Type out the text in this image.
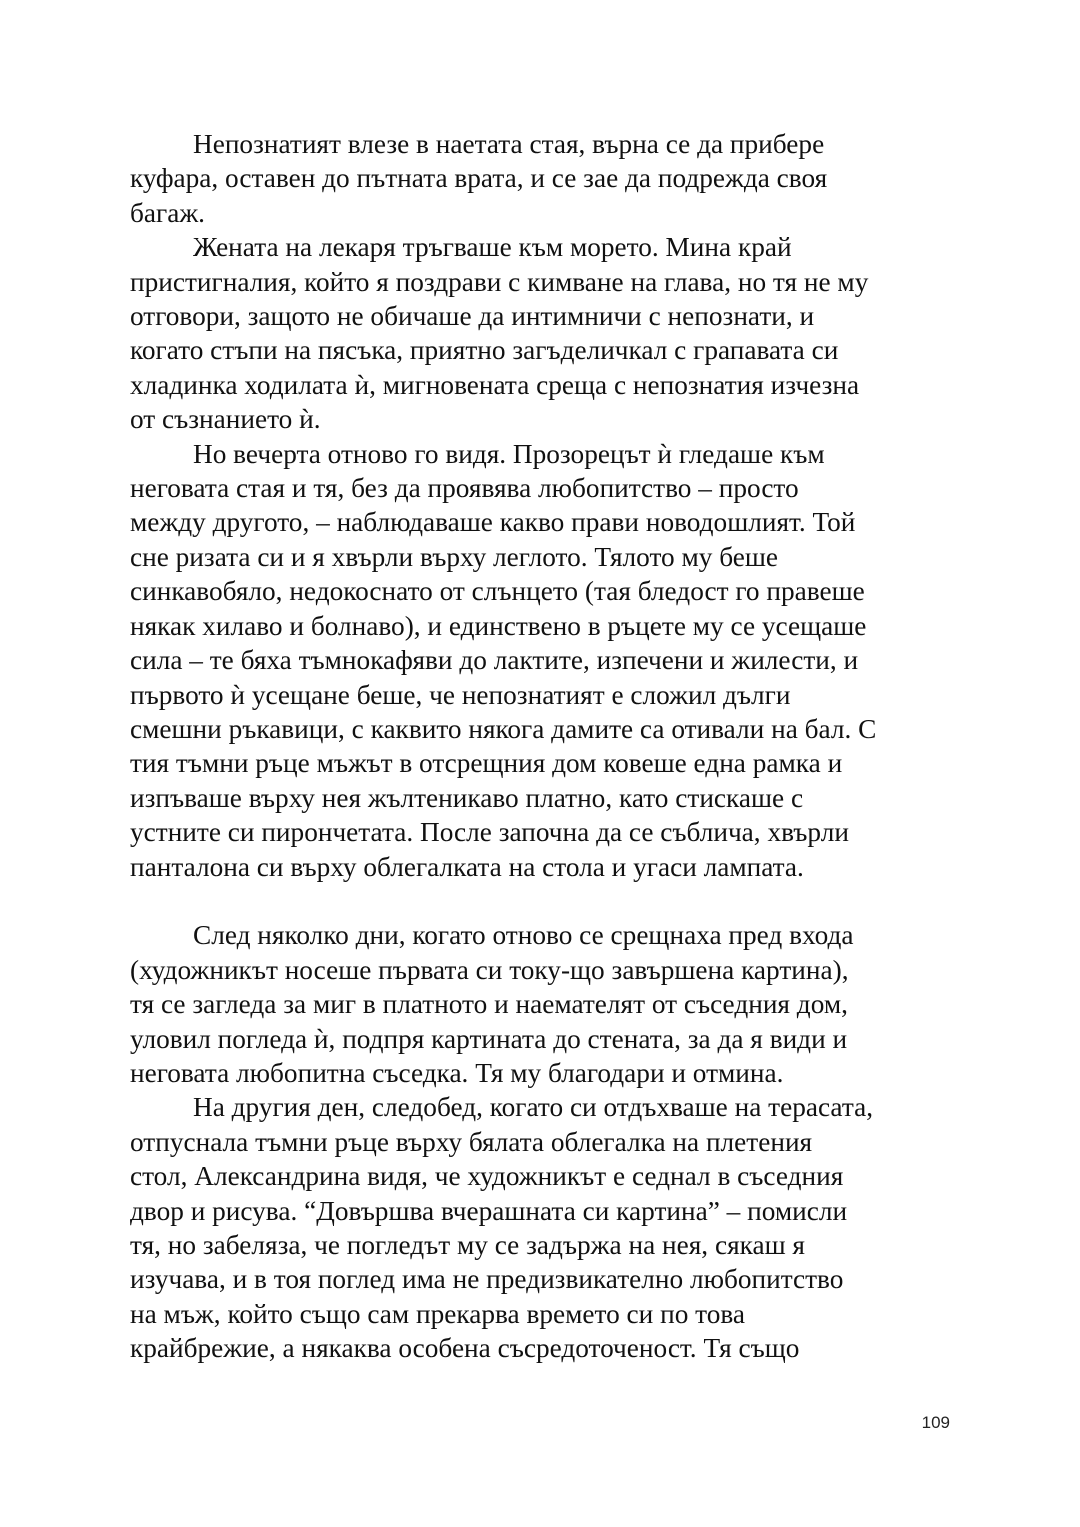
Непознатият влезе в наетата стая, върна се да прибере
куфара, оставен до пътната врата, и се зае да подрежда своя
багаж.
Жената на лекаря тръгваше към морето. Мина край
пристигналия, който я поздрави с кимване на глава, но тя не му
отговори, защото не обичаше да интимничи с непознати, и
когато стъпи на пясъка, приятно загъделичкал с грапавата си
хладинка ходилата ѝ, мигновената среща с непознатия изчезна
от съзнанието ѝ.
Но вечерта отново го видя. Прозорецът ѝ гледаше към
неговата стая и тя, без да проявява любопитство – просто
между другото, – наблюдаваше какво прави новодошлият. Той
сне ризата си и я хвърли върху леглото. Тялото му беше
синкавобяло, недокоснато от слънцето (тая бледост го правеше
някак хилаво и болнаво), и единствено в ръцете му се усещаше
сила – те бяха тъмнокафяви до лактите, изпечени и жилести, и
първото ѝ усещане беше, че непознатият е сложил дълги
смешни ръкавици, с каквито някога дамите са отивали на бал. С
тия тъмни ръце мъжът в отсрещния дом ковеше една рамка и
изпъваше върху нея жълтеникаво платно, като стискаше с
устните си пирончетата. После започна да се съблича, хвърли
панталона си върху облегалката на стола и угаси лампата.
След няколко дни, когато отново се срещнаха пред входа
(художникът носеше първата си току-що завършена картина),
тя се загледа за миг в платното и наемателят от съседния дом,
уловил погледа ѝ, подпря картината до стената, за да я види и
неговата любопитна съседка. Тя му благодари и отмина.
На другия ден, следобед, когато си отдъхваше на терасата,
отпуснала тъмни ръце върху бялата облегалка на плетения
стол, Александрина видя, че художникът е седнал в съседния
двор и рисува. “Довършва вчерашната си картина” – помисли
тя, но забеляза, че погледът му се задържа на нея, сякаш я
изучава, и в тоя поглед има не предизвикателно любопитство
на мъж, който също сам прекарва времето си по това
крайбрежие, а някаква особена съсредоточеност. Тя също
109
